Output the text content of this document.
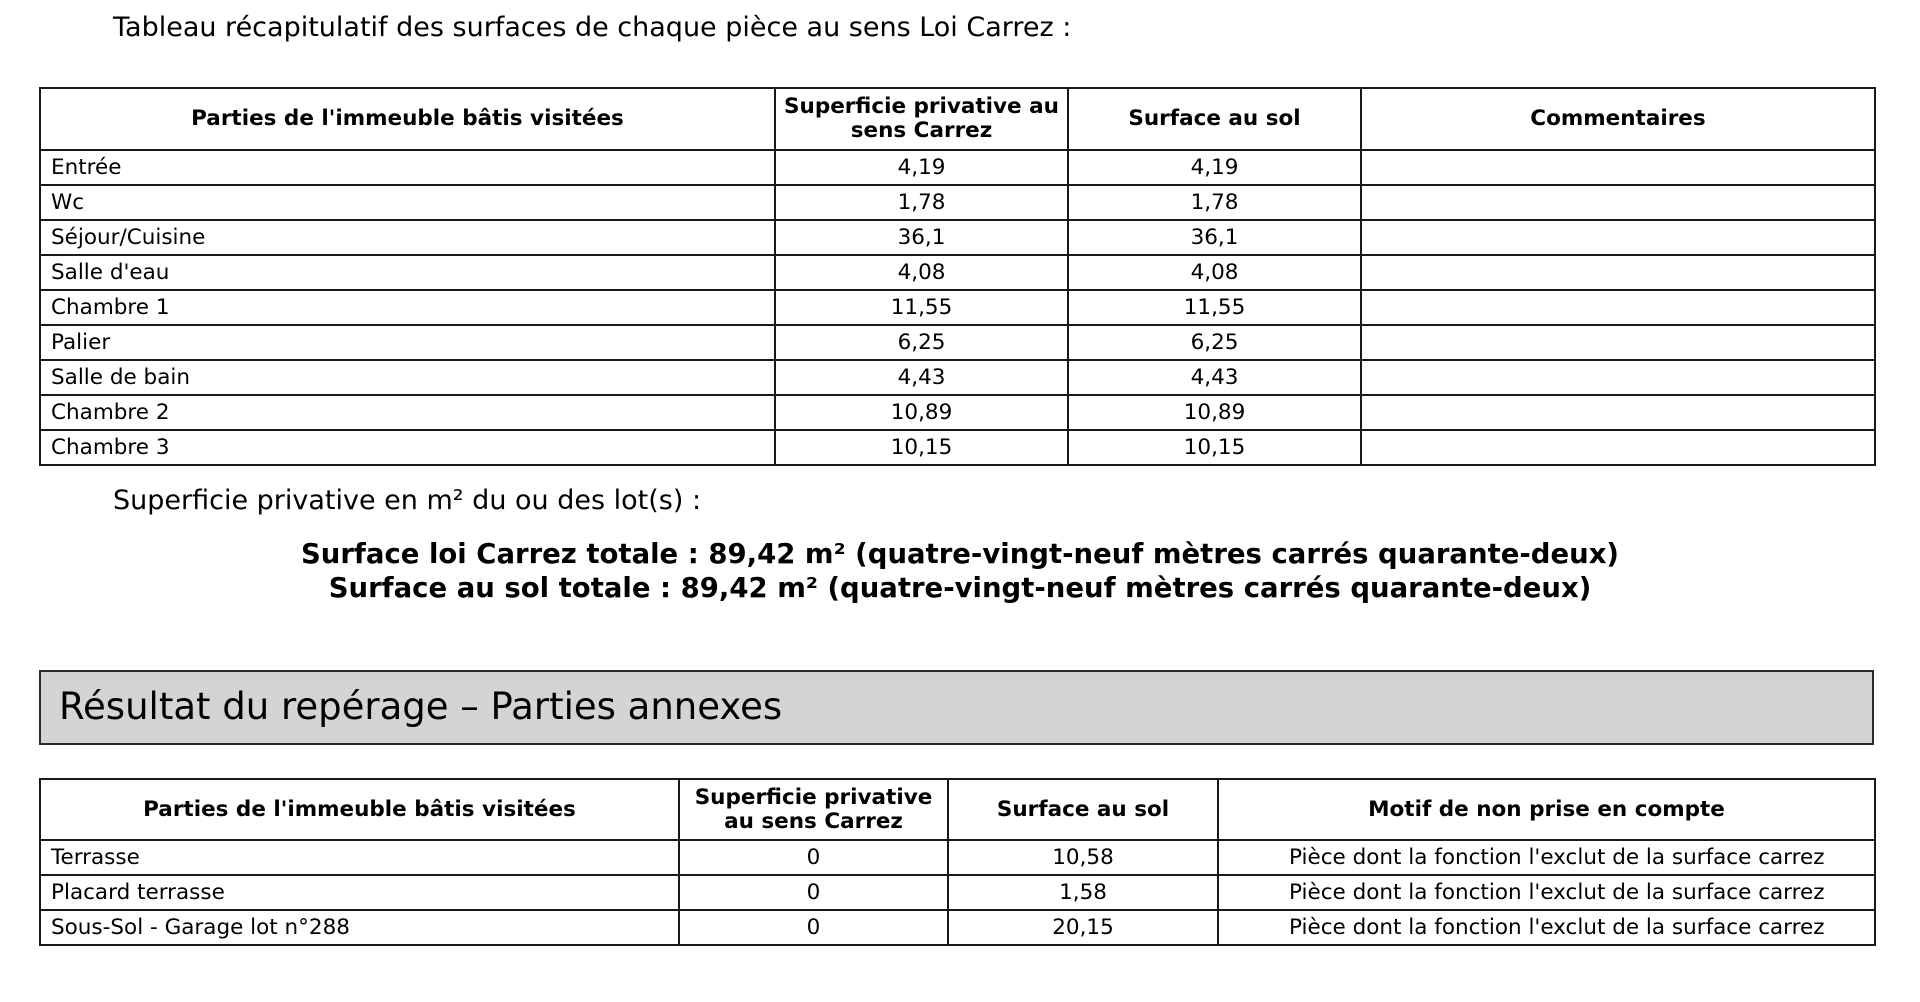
Tableau récapitulatif des surfaces de chaque pièce au sens Loi Carrez :
Parties de l'immeuble bâtis visitées	Superficie privative au sens Carrez	Surface au sol	Commentaires
Entrée	4,19	4,19	
Wc	1,78	1,78	
Séjour/Cuisine	36,1	36,1	
Salle d'eau	4,08	4,08	
Chambre 1	11,55	11,55	
Palier	6,25	6,25	
Salle de bain	4,43	4,43	
Chambre 2	10,89	10,89	
Chambre 3	10,15	10,15	
Superficie privative en m² du ou des lot(s) :
Surface loi Carrez totale : 89,42 m² (quatre-vingt-neuf mètres carrés quarante-deux)
Surface au sol totale : 89,42 m² (quatre-vingt-neuf mètres carrés quarante-deux)
Résultat du repérage – Parties annexes
Parties de l'immeuble bâtis visitées	Superficie privative au sens Carrez	Surface au sol	Motif de non prise en compte
Terrasse	0	10,58	Pièce dont la fonction l'exclut de la surface carrez
Placard terrasse	0	1,58	Pièce dont la fonction l'exclut de la surface carrez
Sous-Sol - Garage lot n°288	0	20,15	Pièce dont la fonction l'exclut de la surface carrez
